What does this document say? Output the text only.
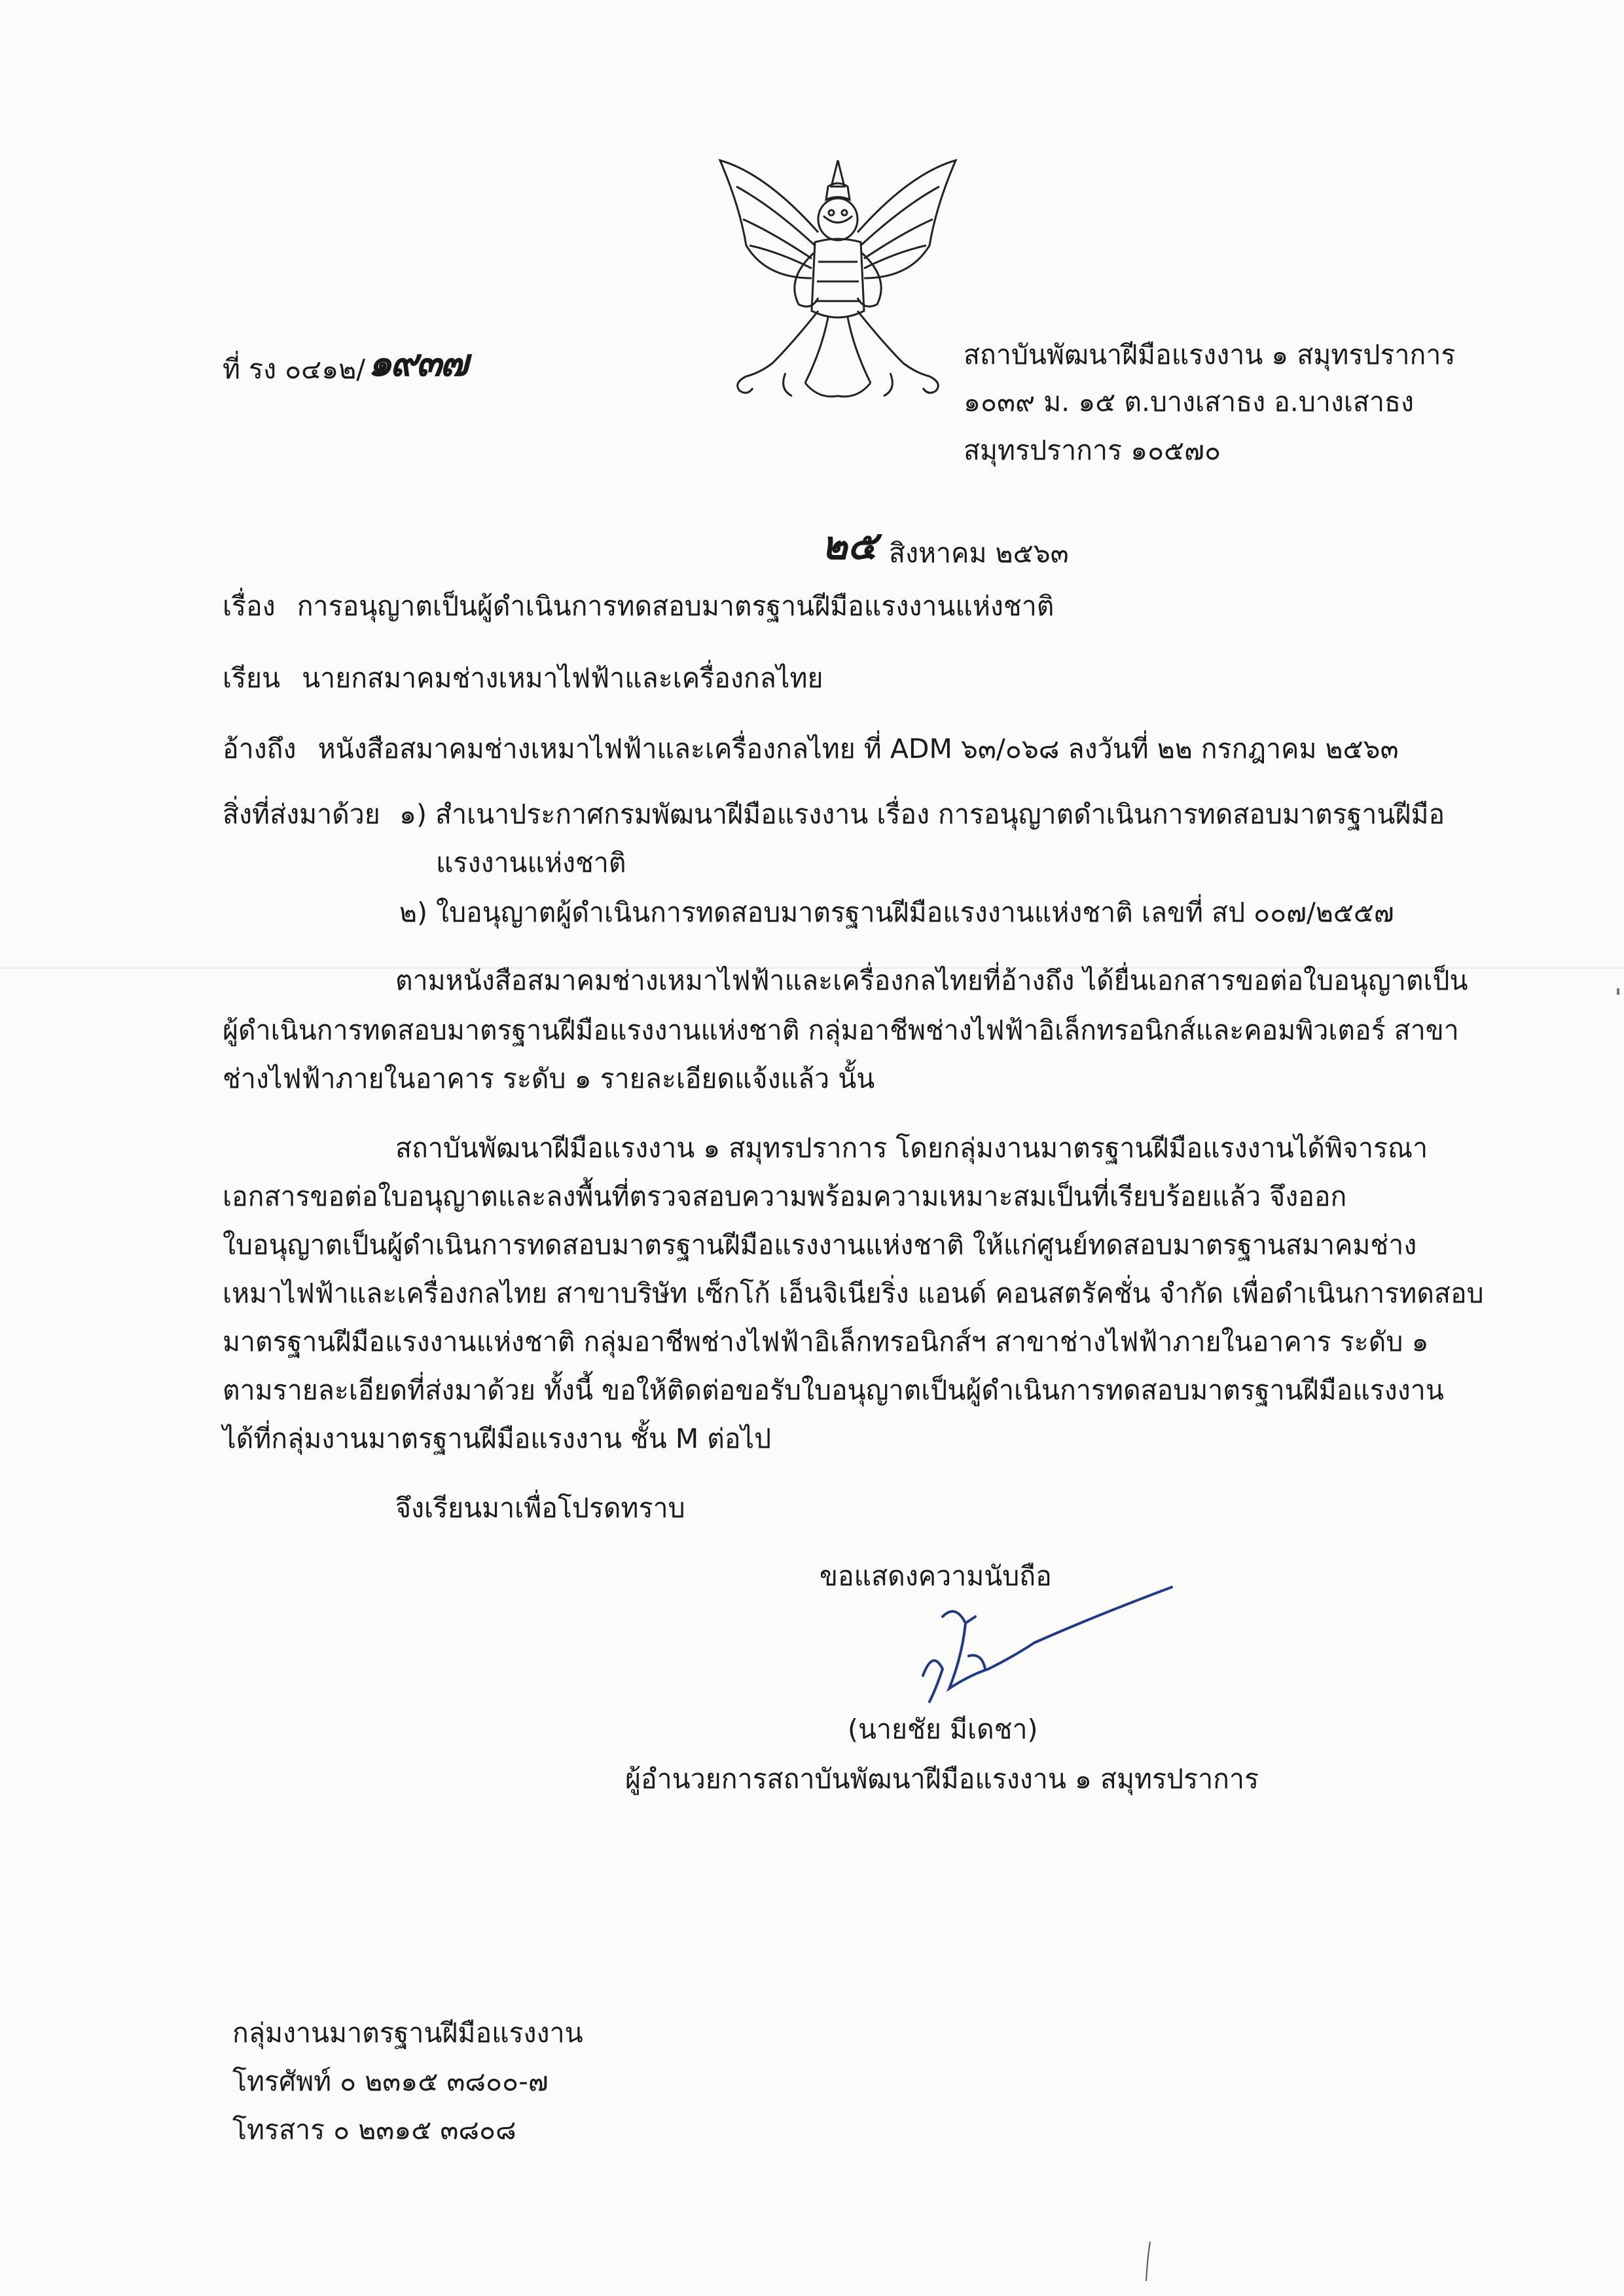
ที่ รง ๐๔๑๒/ ๑๙๓๗	สถาบันพัฒนาฝีมือแรงงาน ๑ สมุทรปราการ
๑๐๓๙ ม. ๑๕ ต.บางเสาธง อ.บางเสาธง
สมุทรปราการ ๑๐๕๗๐
๒๕ สิงหาคม ๒๕๖๓
เรื่อง การอนุญาตเป็นผู้ดำเนินการทดสอบมาตรฐานฝีมือแรงงานแห่งชาติ
เรียน นายกสมาคมช่างเหมาไฟฟ้าและเครื่องกลไทย
อ้างถึง หนังสือสมาคมช่างเหมาไฟฟ้าและเครื่องกลไทย ที่ ADM ๖๓/๐๖๘ ลงวันที่ ๒๒ กรกฎาคม ๒๕๖๓
สิ่งที่ส่งมาด้วย ๑) สำเนาประกาศกรมพัฒนาฝีมือแรงงาน เรื่อง การอนุญาตดำเนินการทดสอบมาตรฐานฝีมือ
แรงงานแห่งชาติ
๒) ใบอนุญาตผู้ดำเนินการทดสอบมาตรฐานฝีมือแรงงานแห่งชาติ เลขที่ สป ๐๐๗/๒๕๕๗
ตามหนังสือสมาคมช่างเหมาไฟฟ้าและเครื่องกลไทยที่อ้างถึง ได้ยื่นเอกสารขอต่อใบอนุญาตเป็น
ผู้ดำเนินการทดสอบมาตรฐานฝีมือแรงงานแห่งชาติ กลุ่มอาชีพช่างไฟฟ้าอิเล็กทรอนิกส์และคอมพิวเตอร์ สาขา
ช่างไฟฟ้าภายในอาคาร ระดับ ๑ รายละเอียดแจ้งแล้ว นั้น
สถาบันพัฒนาฝีมือแรงงาน ๑ สมุทรปราการ โดยกลุ่มงานมาตรฐานฝีมือแรงงานได้พิจารณา
เอกสารขอต่อใบอนุญาตและลงพื้นที่ตรวจสอบความพร้อมความเหมาะสมเป็นที่เรียบร้อยแล้ว จึงออก
ใบอนุญาตเป็นผู้ดำเนินการทดสอบมาตรฐานฝีมือแรงงานแห่งชาติ ให้แก่ศูนย์ทดสอบมาตรฐานสมาคมช่าง
เหมาไฟฟ้าและเครื่องกลไทย สาขาบริษัท เซ็กโก้ เอ็นจิเนียริ่ง แอนด์ คอนสตรัคชั่น จำกัด เพื่อดำเนินการทดสอบ
มาตรฐานฝีมือแรงงานแห่งชาติ กลุ่มอาชีพช่างไฟฟ้าอิเล็กทรอนิกส์ฯ สาขาช่างไฟฟ้าภายในอาคาร ระดับ ๑
ตามรายละเอียดที่ส่งมาด้วย ทั้งนี้ ขอให้ติดต่อขอรับใบอนุญาตเป็นผู้ดำเนินการทดสอบมาตรฐานฝีมือแรงงาน
ได้ที่กลุ่มงานมาตรฐานฝีมือแรงงาน ชั้น M ต่อไป
จึงเรียนมาเพื่อโปรดทราบ
ขอแสดงความนับถือ
(นายชัย มีเดชา)
ผู้อำนวยการสถาบันพัฒนาฝีมือแรงงาน ๑ สมุทรปราการ
กลุ่มงานมาตรฐานฝีมือแรงงาน
โทรศัพท์ ๐ ๒๓๑๕ ๓๘๐๐-๗
โทรสาร ๐ ๒๓๑๕ ๓๘๐๘
